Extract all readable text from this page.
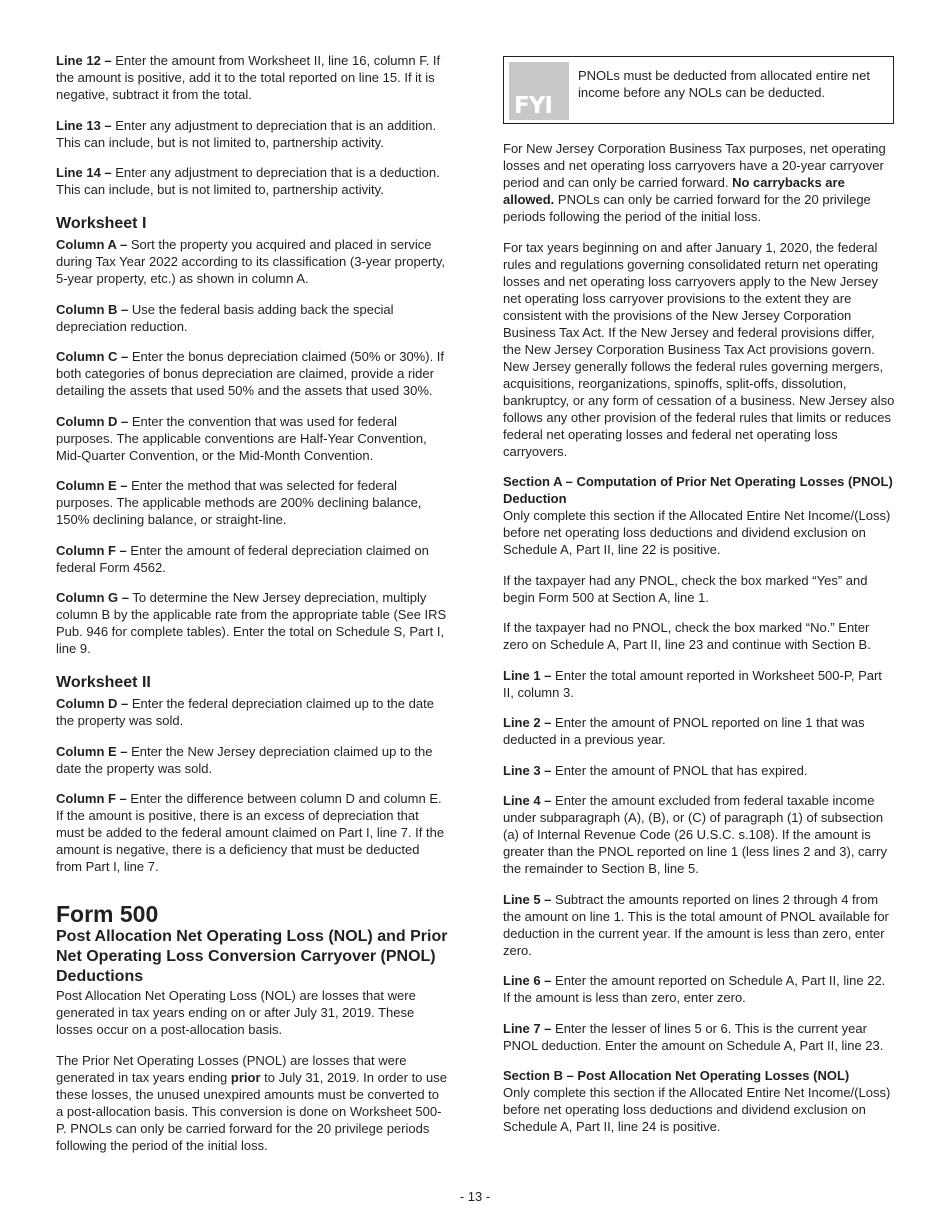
Line 12 – Enter the amount from Worksheet II, line 16, column F. If the amount is positive, add it to the total reported on line 15. If it is negative, subtract it from the total.

Line 13 – Enter any adjustment to depreciation that is an addition. This can include, but is not limited to, partnership activity.

Line 14 – Enter any adjustment to depreciation that is a deduction. This can include, but is not limited to, partnership activity.

Worksheet I

Column A – Sort the property you acquired and placed in service during Tax Year 2022 according to its classification (3-year property, 5-year property, etc.) as shown in column A.

Column B – Use the federal basis adding back the special depreciation reduction.

Column C – Enter the bonus depreciation claimed (50% or 30%). If both categories of bonus depreciation are claimed, provide a rider detailing the assets that used 50% and the assets that used 30%.

Column D – Enter the convention that was used for federal purposes. The applicable conventions are Half-Year Convention, Mid-Quarter Convention, or the Mid-Month Convention.

Column E – Enter the method that was selected for federal purposes. The applicable methods are 200% declining balance, 150% declining balance, or straight-line.

Column F – Enter the amount of federal depreciation claimed on federal Form 4562.

Column G – To determine the New Jersey depreciation, multiply column B by the applicable rate from the appropriate table (See IRS Pub. 946 for complete tables). Enter the total on Schedule S, Part I, line 9.

Worksheet II

Column D – Enter the federal depreciation claimed up to the date the property was sold.

Column E – Enter the New Jersey depreciation claimed up to the date the property was sold.

Column F – Enter the difference between column D and column E. If the amount is positive, there is an excess of depreciation that must be added to the federal amount claimed on Part I, line 7. If the amount is negative, there is a deficiency that must be deducted from Part I, line 7.

Form 500
Post Allocation Net Operating Loss (NOL) and Prior Net Operating Loss Conversion Carryover (PNOL) Deductions

Post Allocation Net Operating Loss (NOL) are losses that were generated in tax years ending on or after July 31, 2019. These losses occur on a post-allocation basis.

The Prior Net Operating Losses (PNOL) are losses that were generated in tax years ending prior to July 31, 2019. In order to use these losses, the unused unexpired amounts must be converted to a post-allocation basis. This conversion is done on Worksheet 500-P. PNOLs can only be carried forward for the 20 privilege periods following the period of the initial loss.

FYI
PNOLs must be deducted from allocated entire net income before any NOLs can be deducted.

For New Jersey Corporation Business Tax purposes, net operating losses and net operating loss carryovers have a 20-year carryover period and can only be carried forward. No carrybacks are allowed. PNOLs can only be carried forward for the 20 privilege periods following the period of the initial loss.

For tax years beginning on and after January 1, 2020, the federal rules and regulations governing consolidated return net operating losses and net operating loss carryovers apply to the New Jersey net operating loss carryover provisions to the extent they are consistent with the provisions of the New Jersey Corporation Business Tax Act. If the New Jersey and federal provisions differ, the New Jersey Corporation Business Tax Act provisions govern. New Jersey generally follows the federal rules governing mergers, acquisitions, reorganizations, spinoffs, split-offs, dissolution, bankruptcy, or any form of cessation of a business. New Jersey also follows any other provision of the federal rules that limits or reduces federal net operating losses and federal net operating loss carryovers.

Section A – Computation of Prior Net Operating Losses (PNOL) Deduction

Only complete this section if the Allocated Entire Net Income/(Loss) before net operating loss deductions and dividend exclusion on Schedule A, Part II, line 22 is positive.

If the taxpayer had any PNOL, check the box marked “Yes” and begin Form 500 at Section A, line 1.

If the taxpayer had no PNOL, check the box marked “No.” Enter zero on Schedule A, Part II, line 23 and continue with Section B.

Line 1 – Enter the total amount reported in Worksheet 500-P, Part II, column 3.

Line 2 – Enter the amount of PNOL reported on line 1 that was deducted in a previous year.

Line 3 – Enter the amount of PNOL that has expired.

Line 4 – Enter the amount excluded from federal taxable income under subparagraph (A), (B), or (C) of paragraph (1) of subsection (a) of Internal Revenue Code (26 U.S.C. s.108). If the amount is greater than the PNOL reported on line 1 (less lines 2 and 3), carry the remainder to Section B, line 5.

Line 5 – Subtract the amounts reported on lines 2 through 4 from the amount on line 1. This is the total amount of PNOL available for deduction in the current year. If the amount is less than zero, enter zero.

Line 6 – Enter the amount reported on Schedule A, Part II, line 22. If the amount is less than zero, enter zero.

Line 7 – Enter the lesser of lines 5 or 6. This is the current year PNOL deduction. Enter the amount on Schedule A, Part II, line 23.

Section B – Post Allocation Net Operating Losses (NOL)

Only complete this section if the Allocated Entire Net Income/(Loss) before net operating loss deductions and dividend exclusion on Schedule A, Part II, line 24 is positive.

- 13 -
